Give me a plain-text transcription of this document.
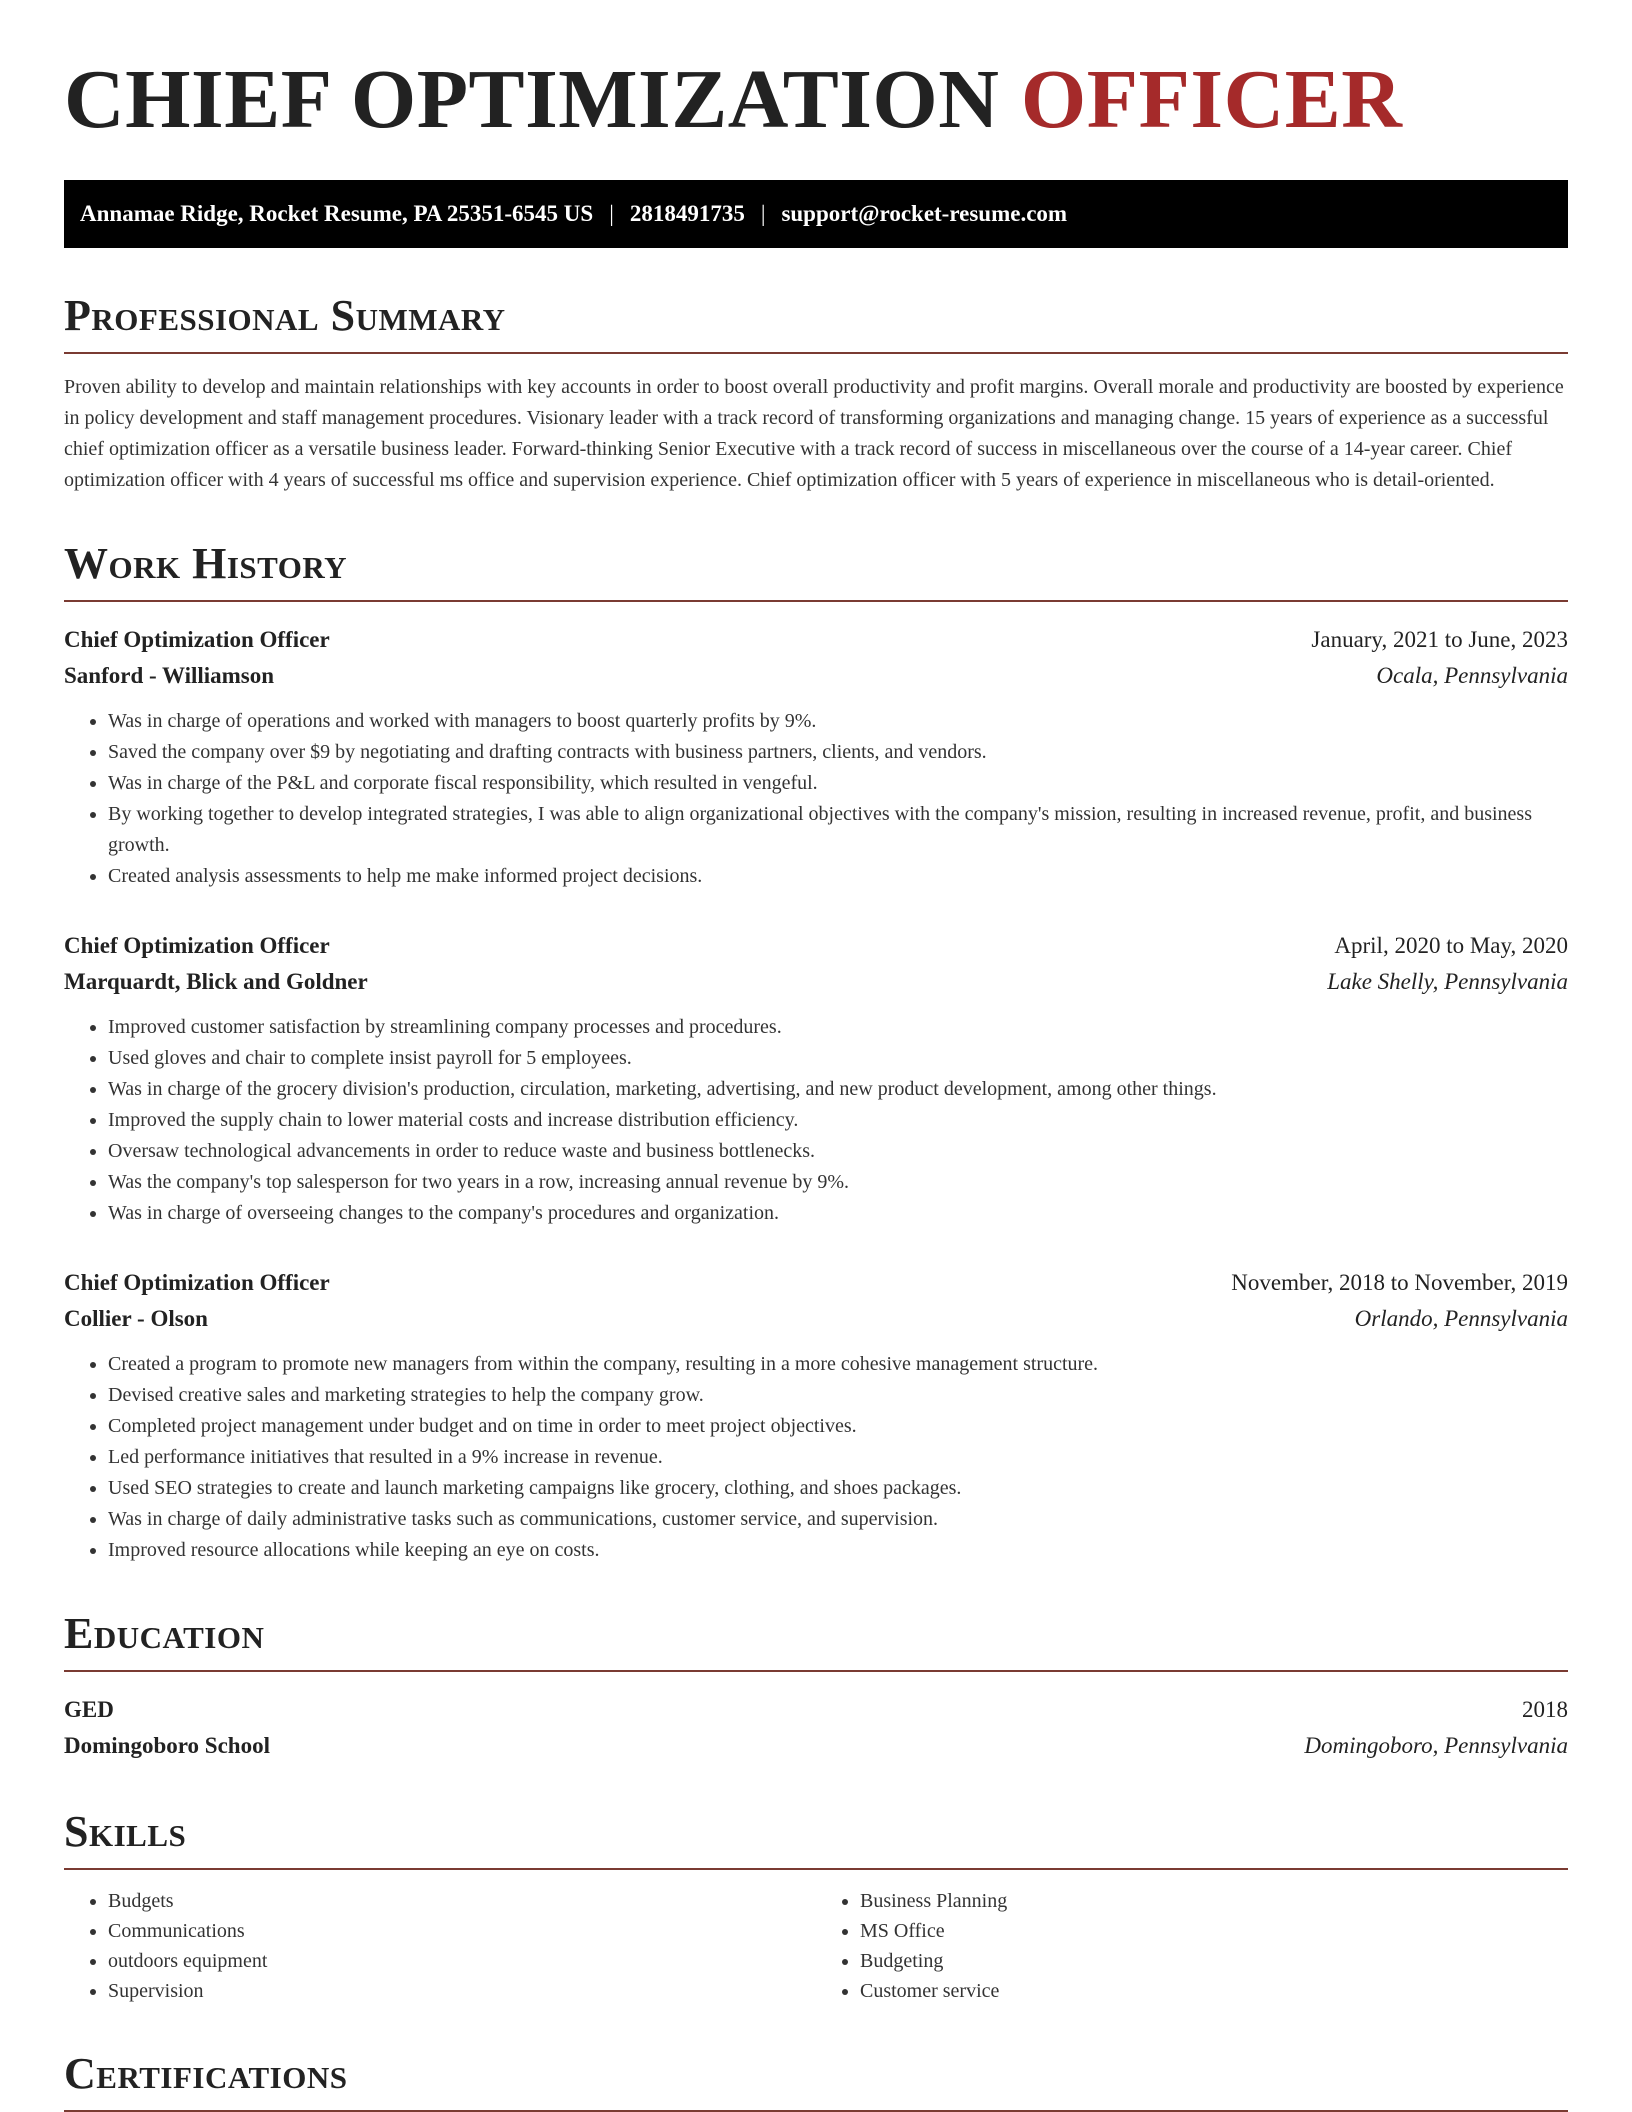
CHIEF OPTIMIZATION OFFICER
Annamae Ridge, Rocket Resume, PA 25351-6545 US | 2818491735 | support@rocket-resume.com
Professional Summary

Proven ability to develop and maintain relationships with key accounts in order to boost overall productivity and profit margins. Overall morale and productivity are boosted by experience in policy development and staff management procedures. Visionary leader with a track record of transforming organizations and managing change. 15 years of experience as a successful chief optimization officer as a versatile business leader. Forward-thinking Senior Executive with a track record of success in miscellaneous over the course of a 14-year career. Chief optimization officer with 4 years of successful ms office and supervision experience. Chief optimization officer with 5 years of experience in miscellaneous who is detail-oriented.

Work History
Chief Optimization Officer	January, 2021 to June, 2023
Sanford - Williamson	Ocala, Pennsylvania
• Was in charge of operations and worked with managers to boost quarterly profits by 9%.
• Saved the company over $9 by negotiating and drafting contracts with business partners, clients, and vendors.
• Was in charge of the P&L and corporate fiscal responsibility, which resulted in vengeful.
• By working together to develop integrated strategies, I was able to align organizational objectives with the company's mission, resulting in increased revenue, profit, and business growth.
• Created analysis assessments to help me make informed project decisions.
Chief Optimization Officer	April, 2020 to May, 2020
Marquardt, Blick and Goldner	Lake Shelly, Pennsylvania
• Improved customer satisfaction by streamlining company processes and procedures.
• Used gloves and chair to complete insist payroll for 5 employees.
• Was in charge of the grocery division's production, circulation, marketing, advertising, and new product development, among other things.
• Improved the supply chain to lower material costs and increase distribution efficiency.
• Oversaw technological advancements in order to reduce waste and business bottlenecks.
• Was the company's top salesperson for two years in a row, increasing annual revenue by 9%.
• Was in charge of overseeing changes to the company's procedures and organization.
Chief Optimization Officer	November, 2018 to November, 2019
Collier - Olson	Orlando, Pennsylvania
• Created a program to promote new managers from within the company, resulting in a more cohesive management structure.
• Devised creative sales and marketing strategies to help the company grow.
• Completed project management under budget and on time in order to meet project objectives.
• Led performance initiatives that resulted in a 9% increase in revenue.
• Used SEO strategies to create and launch marketing campaigns like grocery, clothing, and shoes packages.
• Was in charge of daily administrative tasks such as communications, customer service, and supervision.
• Improved resource allocations while keeping an eye on costs.
Education
GED	2018
Domingoboro School	Domingoboro, Pennsylvania
Skills
• Budgets
• Communications
• outdoors equipment
• Supervision
• Business Planning
• MS Office
• Budgeting
• Customer service
Certifications
